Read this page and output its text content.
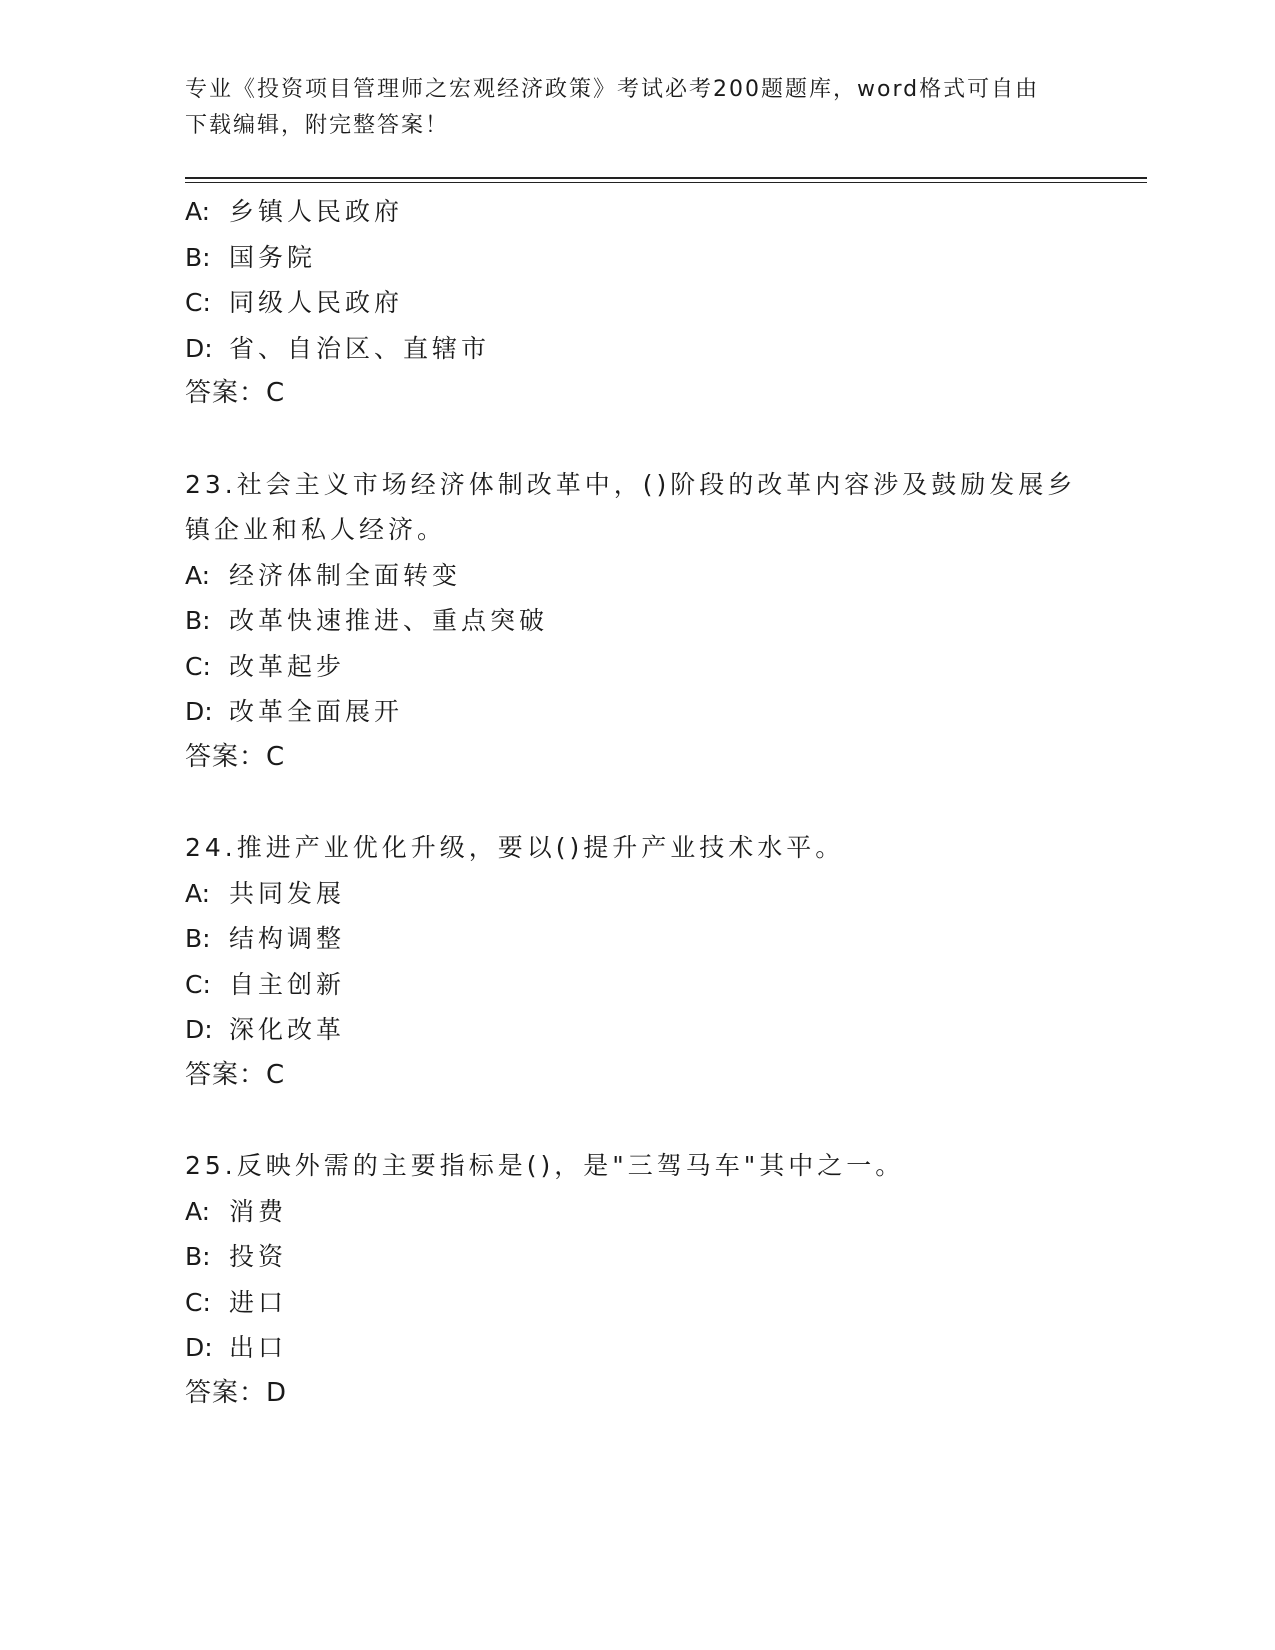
专业《投资项目管理师之宏观经济政策》考试必考200题题库，word格式可自由
下载编辑，附完整答案！
A: 乡镇人民政府
B: 国务院
C: 同级人民政府
D: 省、自治区、直辖市
答案：C
23.社会主义市场经济体制改革中，()阶段的改革内容涉及鼓励发展乡
镇企业和私人经济。
A: 经济体制全面转变
B: 改革快速推进、重点突破
C: 改革起步
D: 改革全面展开
答案：C
24.推进产业优化升级，要以()提升产业技术水平。
A: 共同发展
B: 结构调整
C: 自主创新
D: 深化改革
答案：C
25.反映外需的主要指标是()，是"三驾马车"其中之一。
A: 消费
B: 投资
C: 进口
D: 出口
答案：D
